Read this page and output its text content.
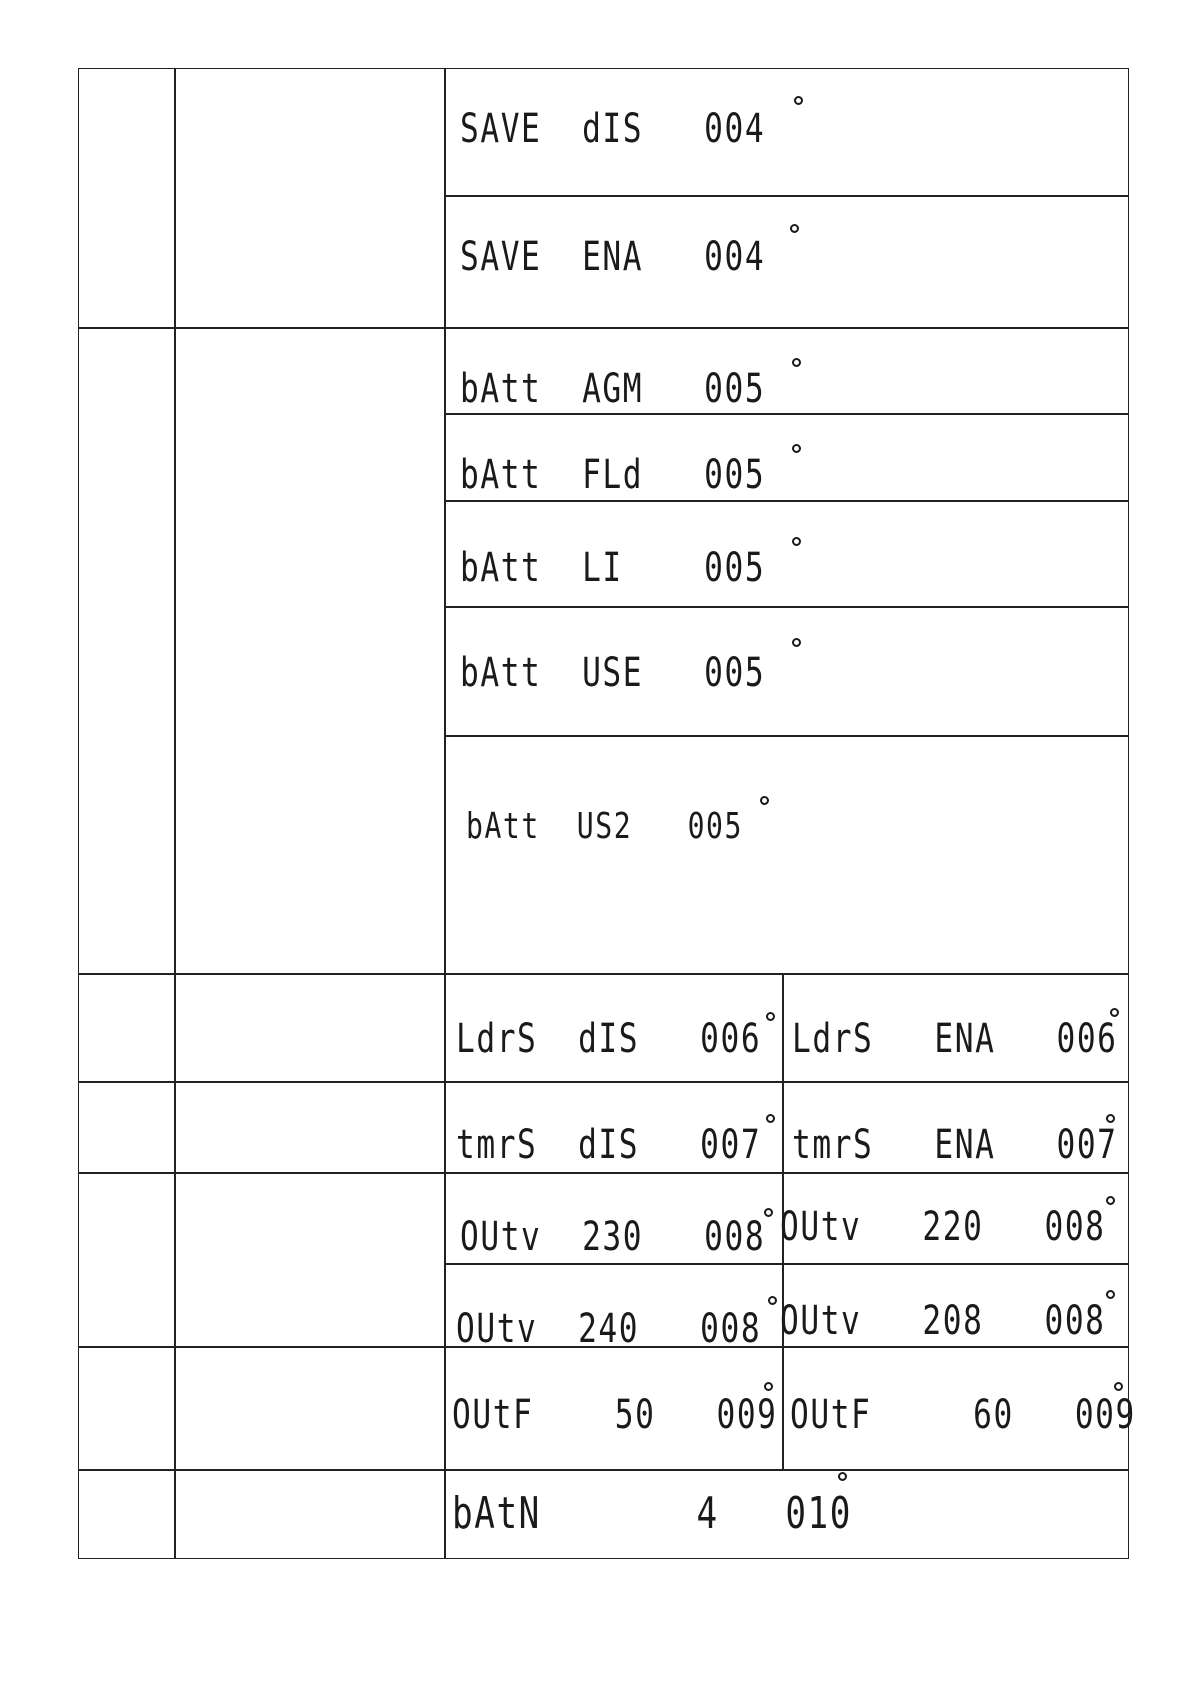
SAVE  dIS   004
SAVE  ENA   004
bAtt  AGM   005
bAtt  FLd   005
bAtt  LI    005
bAtt  USE   005
bAtt  US2   005
LdrS  dIS   006 LdrS   ENA   006
tmrS  dIS   007 tmrS   ENA   007
OUtv  230   008 OUtv   220   008
OUtv  240   008 OUtv   208   008
OUtF    50   009 OUtF     60   009
bAtN       4   010
